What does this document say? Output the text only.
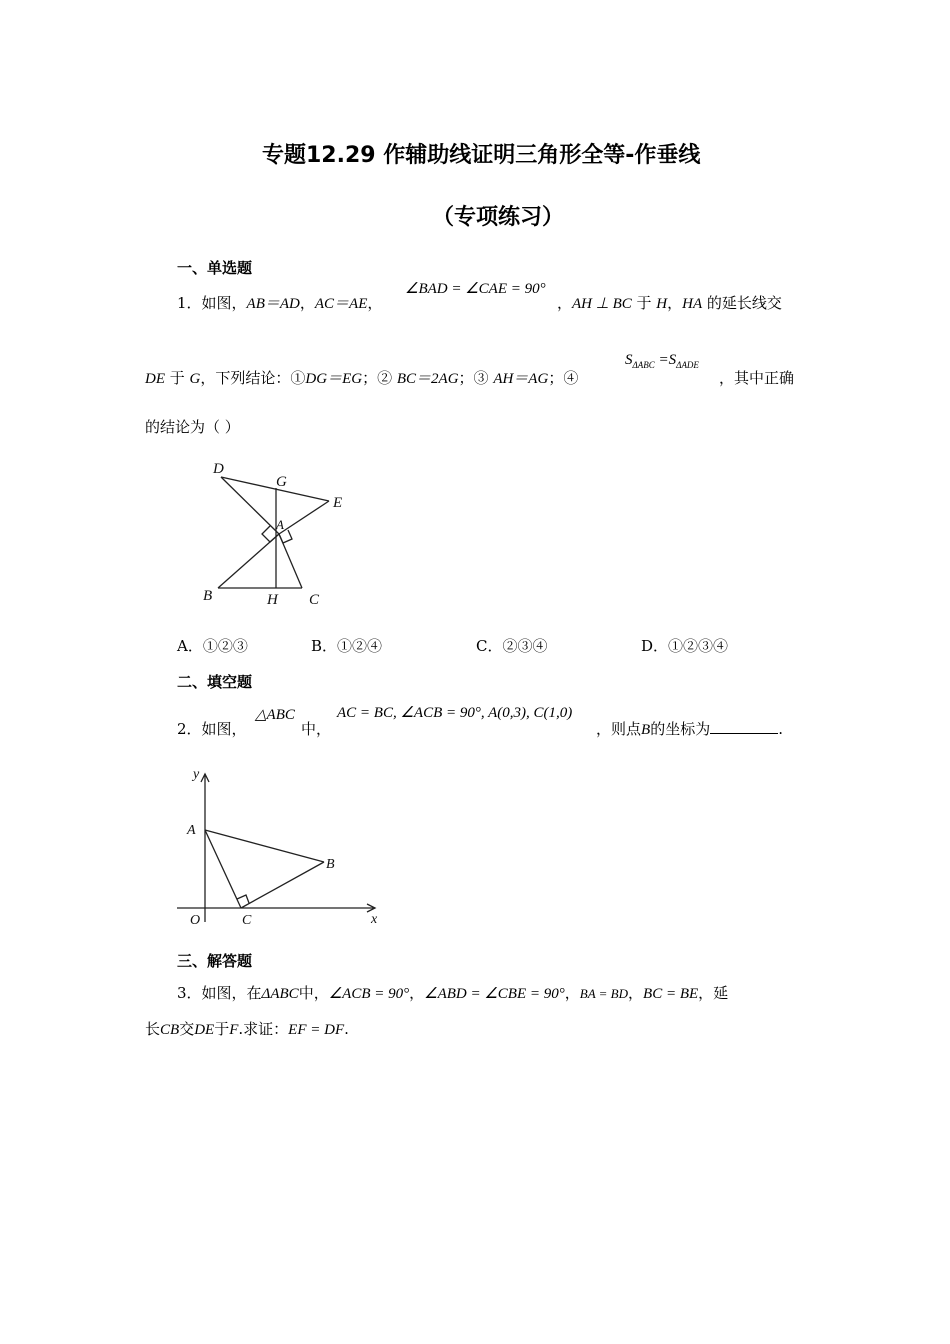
专题12.29 作辅助线证明三角形全等-作垂线
（专项练习）
一、单选题
1．如图，AB＝AD，AC＝AE，
∠BAD = ∠CAE = 90°
，AH ⊥ BC 于 H，HA 的延长线交
DE 于 G，下列结论：①DG＝EG；② BC＝2AG；③ AH＝AG；④
$S_{\Delta ABC} =S_{\Delta ADE}$
，其中正确
的结论为（ ）
D
G
E
A
B	H C
A．①②③	B．①②④	C．②③④	D．①②③④
二、填空题
2．如图，
△ABC
中，
AC = BC, ∠ACB = 90°, A(0,3), C(1,0)
，则点B的坐标为	.
y
A
B
O	C	x
三、解答题
3．如图，在ΔABC中，∠ACB = 90°，∠ABD = ∠CBE = 90°，BA = BD，BC = BE，延
长CB交DE于F.求证：EF = DF.
